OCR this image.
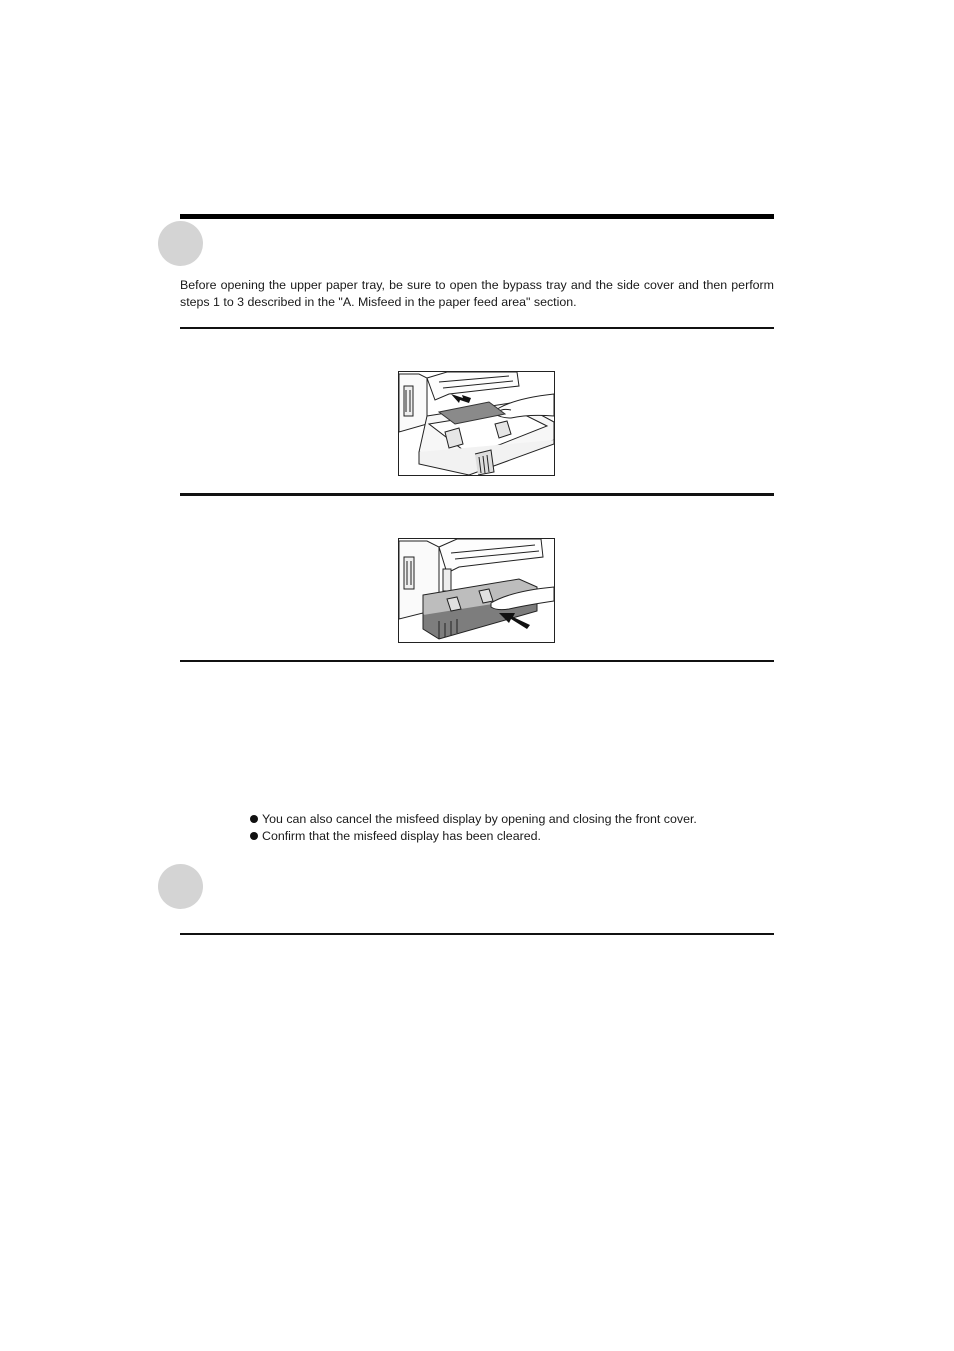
Before opening the upper paper tray, be sure to open the bypass tray and the side cover and then perform steps 1 to 3 described in the "A. Misfeed in the paper feed area" section.

You can also cancel the misfeed display by opening and closing the front cover.
Confirm that the misfeed display has been cleared.
